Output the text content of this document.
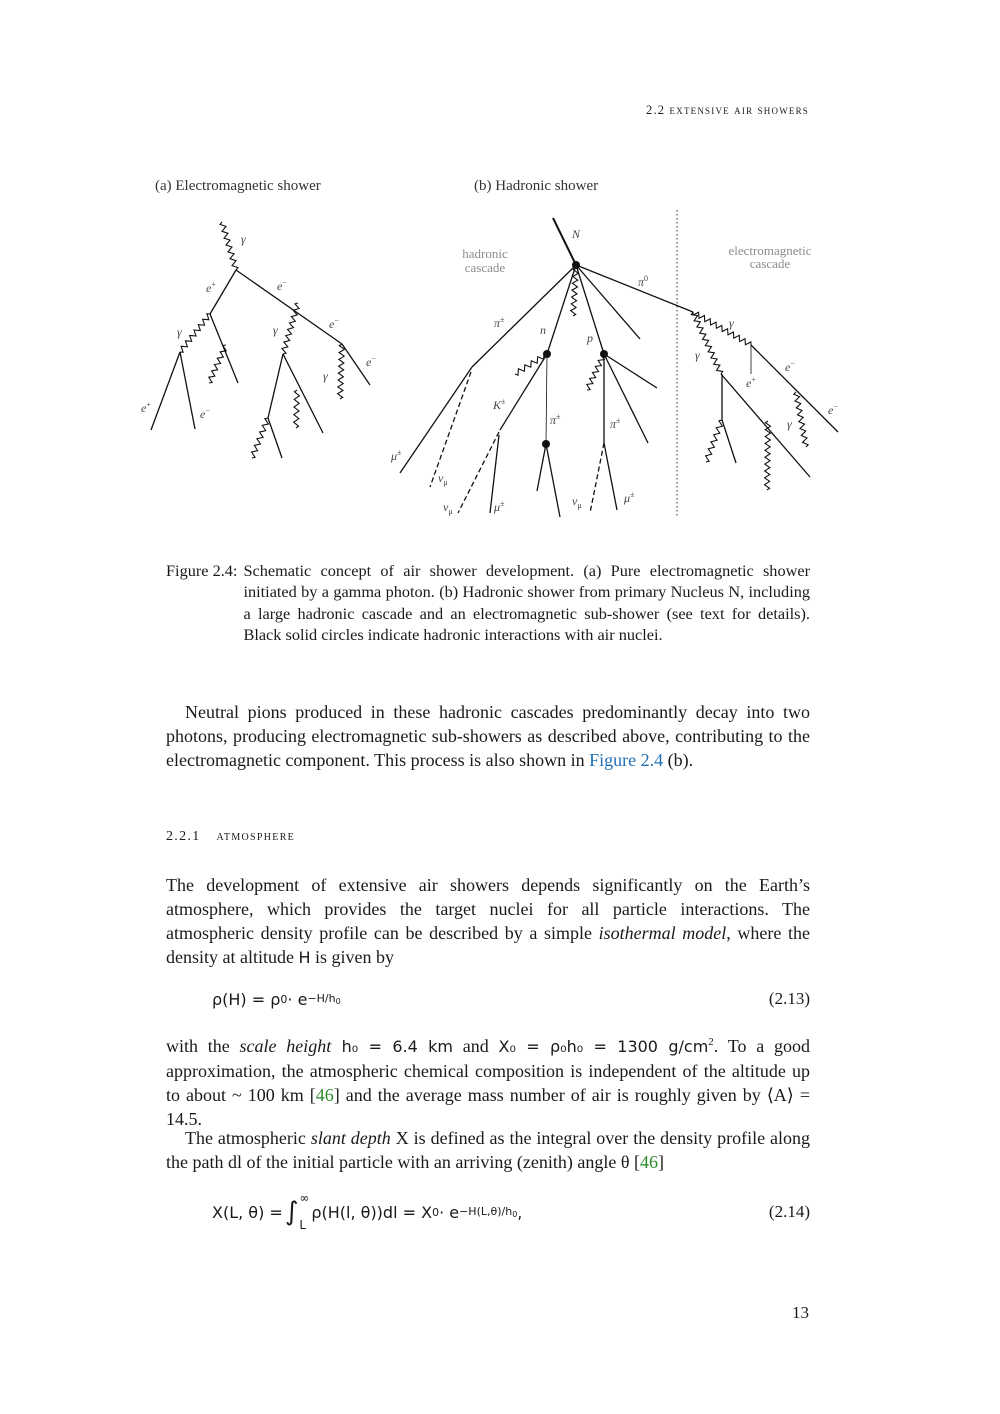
2.2 extensive air showers
γ
e+	e−
γ	γ	e−
e−
γ
e+
e−
N
$\pi^0$
π±
n
p
K±
π±
π±
μ±
$\nu_\mu$
$\nu_\mu$	μ±	$\nu_\mu$
μ±
γ
γ
e+
e−
γ
e−
hadronic
cascade
electromagnetic
cascade
(a) Electromagnetic shower	(b) Hadronic shower
Figure 2.4: Schematic concept of air shower development. (a) Pure electromagnetic shower initiated by a gamma photon. (b) Hadronic shower from primary Nucleus N, including a large hadronic cascade and an electromagnetic sub-shower (see text for details). Black solid circles indicate hadronic interactions with air nuclei.
Neutral pions produced in these hadronic cascades predominantly decay into two photons, producing electromagnetic sub-showers as described above, contributing to the electromagnetic component. This process is also shown in Figure 2.4 (b).
2.2.1 atmosphere
The development of extensive air showers depends significantly on the Earth’s atmosphere, which provides the target nuclei for all particle interactions. The atmospheric density profile can be described by a simple isothermal model, where the density at altitude H is given by
ρ(H) = ρ 0 · e −H/h0	(2.13)
with the scale height h₀ = 6.4 km and X₀ = ρ₀h₀ = 1300 $g/cm^2$. To a good approximation, the atmospheric chemical composition is independent of the altitude up to about ~ 100 km [46] and the average mass number of air is roughly given by ⟨A⟩ = 14.5.
The atmospheric slant depth X is defined as the integral over the density profile along the path dl of the initial particle with an arriving (zenith) angle θ [46]
X(L, θ) = ∫ ∞
L
ρ(H(l, θ))dl = X 0 · e −H(L,θ)/h0 ,	(2.14)
13
